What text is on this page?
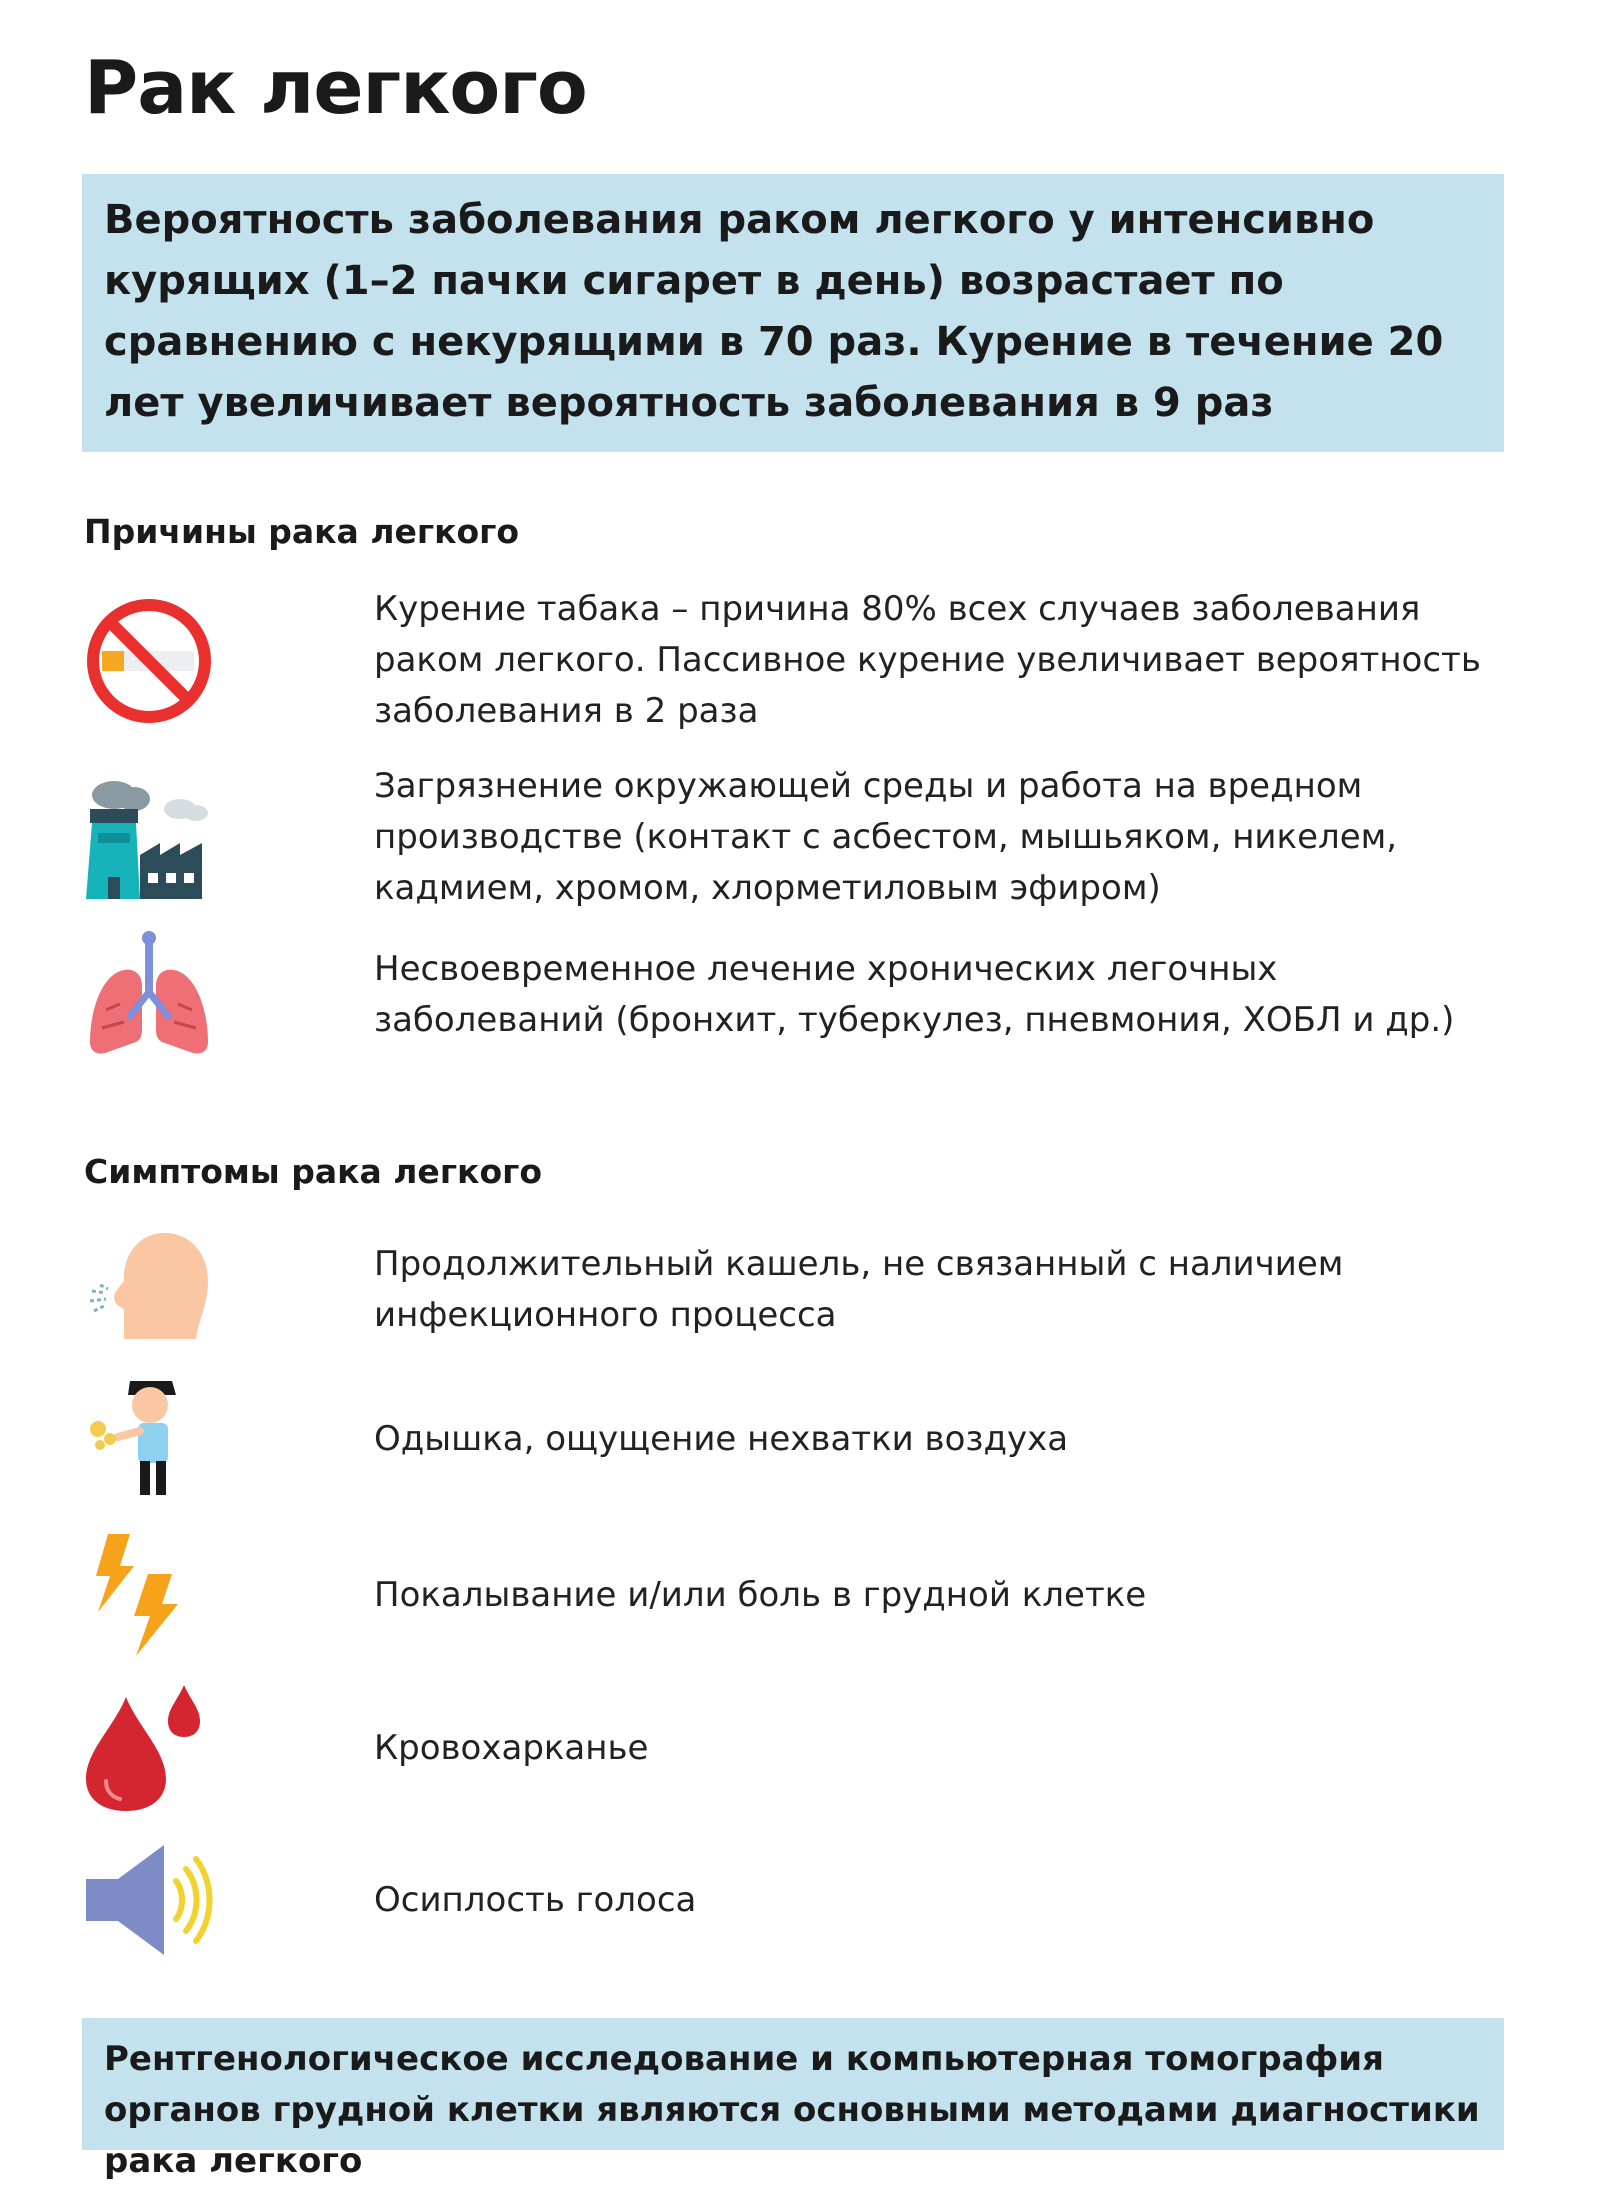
Рак легкого
Вероятность заболевания раком легкого у интенсивно курящих (1–2 пачки сигарет в день) возрастает по сравнению с некурящими в 70 раз. Курение в течение 20 лет увеличивает вероятность заболевания в 9 раз
Причины рака легкого
Курение табака – причина 80% всех случаев заболевания раком легкого. Пассивное курение увеличивает вероятность заболевания в 2 раза
Загрязнение окружающей среды и работа на вредном производстве (контакт с асбестом, мышьяком, никелем, кадмием, хромом, хлорметиловым эфиром)
Несвоевременное лечение хронических легочных заболеваний (бронхит, туберкулез, пневмония, ХОБЛ и др.)
Симптомы рака легкого
Продолжительный кашель, не связанный с наличием инфекционного процесса
Одышка, ощущение нехватки воздуха
Покалывание и/или боль в грудной клетке
Кровохарканье
Осиплость голоса
Рентгенологическое исследование и компьютерная томография органов грудной клетки являются основными методами диагностики рака легкого
